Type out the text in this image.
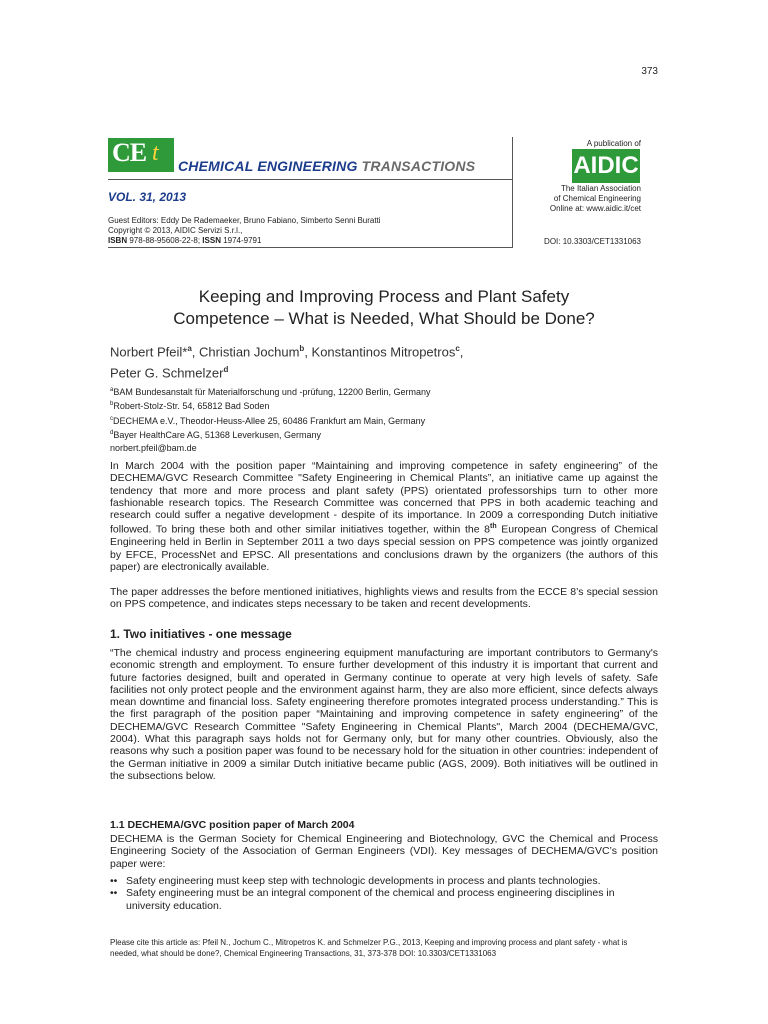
373
CE t CHEMICAL ENGINEERING TRANSACTIONS
VOL. 31, 2013
Guest Editors: Eddy De Rademaeker, Bruno Fabiano, Simberto Senni Buratti
Copyright © 2013, AIDIC Servizi S.r.l.,
ISBN 978-88-95608-22-8; ISSN 1974-9791
A publication of
AIDIC
The Italian Association
of Chemical Engineering
Online at: www.aidic.it/cet
DOI: 10.3303/CET1331063
Keeping and Improving Process and Plant Safety
Competence – What is Needed, What Should be Done?
Norbert Pfeil*$^a$, Christian Jochum$^b$, Konstantinos Mitropetros$^c$,
Peter G. Schmelzer$^d$
$^a$BAM Bundesanstalt für Materialforschung und -prüfung, 12200 Berlin, Germany
$^b$Robert-Stolz-Str. 54, 65812 Bad Soden
$^c$DECHEMA e.V., Theodor-Heuss-Allee 25, 60486 Frankfurt am Main, Germany
$^d$Bayer HealthCare AG, 51368 Leverkusen, Germany
norbert.pfeil@bam.de
In March 2004 with the position paper “Maintaining and improving competence in safety engineering” of the DECHEMA/GVC Research Committee "Safety Engineering in Chemical Plants”, an initiative came up against the tendency that more and more process and plant safety (PPS) orientated professorships turn to other more fashionable research topics. The Research Committee was concerned that PPS in both academic teaching and research could suffer a negative development - despite of its importance. In 2009 a corresponding Dutch initiative followed. To bring these both and other similar initiatives together, within the 8th European Congress of Chemical Engineering held in Berlin in September 2011 a two days special session on PPS competence was jointly organized by EFCE, ProcessNet and EPSC. All presentations and conclusions drawn by the organizers (the authors of this paper) are electronically available.
The paper addresses the before mentioned initiatives, highlights views and results from the ECCE 8’s special session on PPS competence, and indicates steps necessary to be taken and recent developments.
1. Two initiatives - one message
“The chemical industry and process engineering equipment manufacturing are important contributors to Germany's economic strength and employment. To ensure further development of this industry it is important that current and future factories designed, built and operated in Germany continue to operate at very high levels of safety. Safe facilities not only protect people and the environment against harm, they are also more efficient, since defects always mean downtime and financial loss. Safety engineering therefore promotes integrated process understanding.” This is the first paragraph of the position paper “Maintaining and improving competence in safety engineering” of the DECHEMA/GVC Research Committee "Safety Engineering in Chemical Plants", March 2004 (DECHEMA/GVC, 2004). What this paragraph says holds not for Germany only, but for many other countries. Obviously, also the reasons why such a position paper was found to be necessary hold for the situation in other countries: independent of the German initiative in 2009 a similar Dutch initiative became public (AGS, 2009). Both initiatives will be outlined in the subsections below.
1.1 DECHEMA/GVC position paper of March 2004
DECHEMA is the German Society for Chemical Engineering and Biotechnology, GVC the Chemical and Process Engineering Society of the Association of German Engineers (VDI). Key messages of DECHEMA/GVC’s position paper were:
•• Safety engineering must keep step with technologic developments in process and plants technologies.
•• Safety engineering must be an integral component of the chemical and process engineering disciplines in university education.
Please cite this article as: Pfeil N., Jochum C., Mitropetros K. and Schmelzer P.G., 2013, Keeping and improving process and plant safety - what is needed, what should be done?, Chemical Engineering Transactions, 31, 373-378 DOI: 10.3303/CET1331063
